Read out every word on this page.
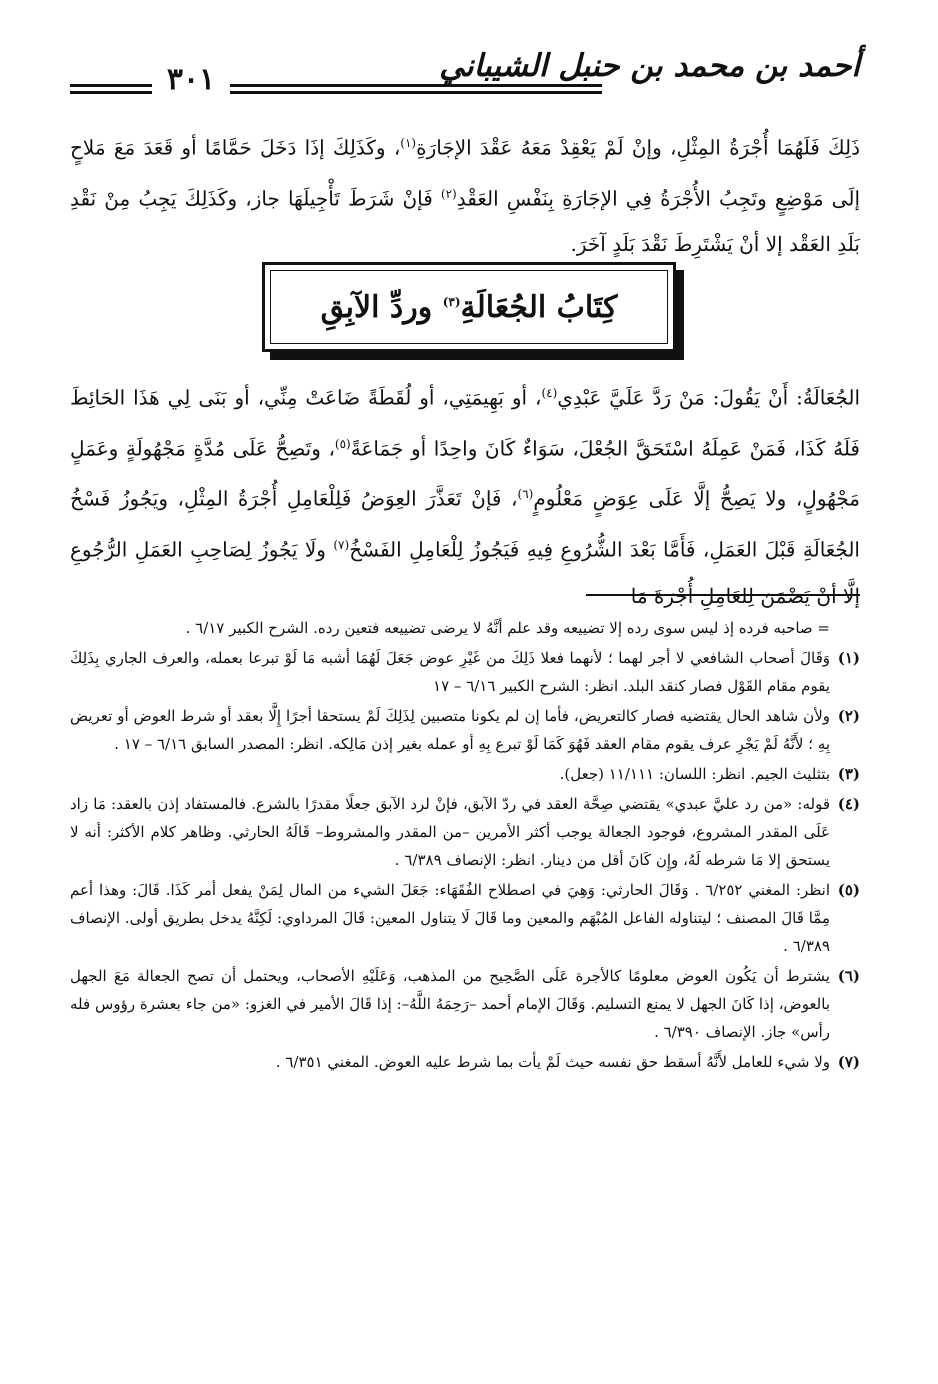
أحمد بن محمد بن حنبل الشيباني
٣٠١
ذَلِكَ فَلَهُمَا أُجْرَةُ المِثْلِ، وإنْ لَمْ يَعْقِدْ مَعَهُ عَقْدَ الإجَارَةِ$^{(١)}$، وكَذَلِكَ إذَا دَخَلَ حَمَّامًا أو قَعَدَ مَعَ مَلاحٍ إلَى مَوْضِعٍ وتَجِبُ الأُجْرَةُ فِي الإجَارَةِ بِنَفْسِ العَقْدِ$^{(٢)}$ فَإنْ شَرَطَ تَأْجِيلَهَا جاز، وكَذَلِكَ يَجِبُ مِنْ نَقْدِ بَلَدِ العَقْد إلا أنْ يَشْتَرِطَ نَقْدَ بَلَدٍ آخَرَ.
كِتَابُ الجُعَالَةِ$^{(٣)}$ وردِّ الآبِقِ
الجُعَالَةُ: أَنْ يَقُولَ: مَنْ رَدَّ عَلَيَّ عَبْدِي$^{(٤)}$، أو بَهِيمَتِي، أو لُقَطَةً ضَاعَتْ مِنِّي، أو بَنَى لِي هَذَا الحَائِطَ فَلَهُ كَذَا، فَمَنْ عَمِلَهُ اسْتَحَقَّ الجُعْلَ، سَوَاءٌ كَانَ واحِدًا أو جَمَاعَةً$^{(٥)}$، وتَصِحُّ عَلَى مُدَّةٍ مَجْهُولَةٍ وعَمَلٍ مَجْهُولٍ، ولا يَصِحُّ إلَّا عَلَى عِوَضٍ مَعْلُومٍ$^{(٦)}$، فَإنْ تَعَذَّرَ العِوَضُ فَلِلْعَامِلِ أُجْرَةُ المِثْلِ، ويَجُوزُ فَسْخُ الجُعَالَةِ قَبْلَ العَمَلِ، فَأَمَّا بَعْدَ الشُّرُوعِ فِيهِ فَيَجُوزُ لِلْعَامِلِ الفَسْخُ$^{(٧)}$ ولَا يَجُوزُ لِصَاحِبِ العَمَلِ الرُّجُوعِ إلَّا أنْ يَضْمَنَ لِلعَامِلِ أُجْرَةَ مَا
= صاحبه فرده إذ ليس سوى رده إلا تضييعه وقد علم أنَّهُ لا يرضى تضييعه فتعين رده. الشرح الكبير ٦/١٧ .
(١)
وَقَالَ أصحاب الشافعي لا أجر لهما ؛ لأنهما فعلا ذَلِكَ من غَيْرِ عوض جَعَلَ لَهُمَا أشبه مَا لَوْ تبرعا بعمله، والعرف الجاري بِذَلِكَ يقوم مقام القَوْل فصار كنقد البلد. انظر: الشرح الكبير ٦/١٦ – ١٧
(٢)
ولأن شاهد الحال يقتضيه فصار كالتعريض، فأما إن لم يكونا متصبين لِذَلِكَ لَمْ يستحقا أجرًا إِلَّا بعقد أو شرط العوض أو تعريض بِهِ ؛ لأَنَّهُ لَمْ يَجْرِ عرف يقوم مقام العقد فَهُوَ كَمَا لَوْ تبرع بِهِ أو عمله بغير إذن مَالِكه. انظر: المصدر السابق ٦/١٦ – ١٧ .
(٣)
بتثليث الجيم. انظر: اللسان: ١١/١١١ (جعل).
(٤)
قوله: «من رد عليَّ عبدي» يقتضي صِحَّة العقد في ردّ الآبق، فإنْ لرد الآبق جعلًا مقدرًا بالشرع. فالمستفاد إذن بالعقد: مَا زاد عَلَى المقدر المشروع، فوجود الجعالة يوجب أكثر الأمرين –من المقدر والمشروط– قَالَهُ الحارثي. وظاهر كلام الأكثر: أنه لا يستحق إلا مَا شرطه لَهُ، وإِن كَانَ أقل من دينار. انظر: الإنصاف ٦/٣٨٩ .
(٥)
انظر: المغني ٦/٢٥٢ . وَقَالَ الحارثي: وَهِيَ في اصطلاح الفُقَهَاء: جَعَلَ الشيء من المال لِمَنْ يفعل أمر كَذَا. قَالَ: وهذا أعم مِمَّا قَالَ المصنف ؛ ليتناوله الفاعل المُبْهَم والمعين وما قَالَ لَا يتناول المعين: قَالَ المرداوي: لَكِنَّهُ يدخل بطريق أولى. الإنصاف ٦/٣٨٩ .
(٦)
يشترط أن يَكُون العوض معلومًا كالأجرة عَلَى الصَّحِيح من المذهب، وَعَلَيْهِ الأصحاب، ويحتمل أن تصح الجعالة مَعَ الجهل بالعوض، إذا كَانَ الجهل لا يمنع التسليم. وَقَالَ الإمام أحمد –رَحِمَهُ اللَّهُ–: إذا قَالَ الأمير في الغزو: «من جاء بعشرة رؤوس فله رأس» جاز. الإنصاف ٦/٣٩٠ .
(٧)
ولا شيء للعامل لأَنَّهُ أسقط حق نفسه حيث لَمْ يأت بما شرط عليه العوض. المغني ٦/٣٥١ .
